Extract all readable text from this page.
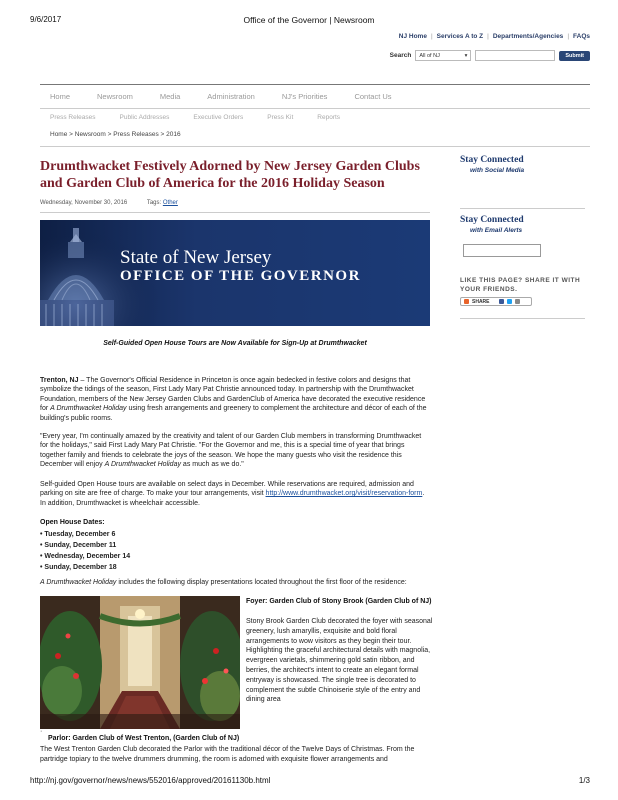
9/6/2017	Office of the Governor | Newsroom
NJ Home | Services A to Z | Departments/Agencies | FAQs
Search All of NJ	▾	Submit
Home	Newsroom	Media	Administration	NJ's Priorities	Contact Us
Press Releases	Public Addresses	Executive Orders	Press Kit	Reports
Home > Newsroom > Press Releases > 2016
Drumthwacket Festively Adorned by New Jersey Garden Clubs and Garden Club of America for the 2016 Holiday Season
Wednesday, November 30, 2016	Tags: Other
State of New Jersey
OFFICE OF THE GOVERNOR
Self-Guided Open House Tours are Now Available for Sign-Up at Drumthwacket

Trenton, NJ – The Governor's Official Residence in Princeton is once again bedecked in festive colors and designs that symbolize the tidings of the season, First Lady Mary Pat Christie announced today. In partnership with the Drumthwacket Foundation, members of the New Jersey Garden Clubs and GardenClub of America have decorated the executive residence for A Drumthwacket Holiday using fresh arrangements and greenery to complement the architecture and décor of each of the building's public rooms.

"Every year, I'm continually amazed by the creativity and talent of our Garden Club members in transforming Drumthwacket for the holidays," said First Lady Mary Pat Christie. "For the Governor and me, this is a special time of year that brings together family and friends to celebrate the joys of the season. We hope the many guests who visit the residence this December will enjoy A Drumthwacket Holiday as much as we do."

Self-guided Open House tours are available on select days in December. While reservations are required, admission and parking on site are free of charge. To make your tour arrangements, visit http://www.drumthwacket.org/visit/reservation-form. In addition, Drumthwacket is wheelchair accessible.

Open House Dates:
• Tuesday, December 6
• Sunday, December 11
• Wednesday, December 14
• Sunday, December 18

A Drumthwacket Holiday includes the following display presentations located throughout the first floor of the residence:

Foyer: Garden Club of Stony Brook (Garden Club of NJ)
Stony Brook Garden Club decorated the foyer with seasonal greenery, lush amaryllis, exquisite and bold floral arrangements to wow visitors as they begin their tour. Highlighting the graceful architectural details with magnolia, evergreen varietals, shimmering gold satin ribbon, and berries, the architect's intent to create an elegant formal entryway is showcased. The single tree is decorated to complement the subtle Chinoiserie style of the entry and dining area
·
Parlor: Garden Club of West Trenton, (Garden Club of NJ)
The West Trenton Garden Club decorated the Parlor with the traditional décor of the Twelve Days of Christmas. From the partridge topiary to the twelve drummers drumming, the room is adorned with exquisite flower arrangements and
Stay Connected
with Social Media
Stay Connected
with Email Alerts
LIKE THIS PAGE? SHARE IT WITH YOUR FRIENDS.
SHARE
http://nj.gov/governor/news/news/552016/approved/20161130b.html	1/3
